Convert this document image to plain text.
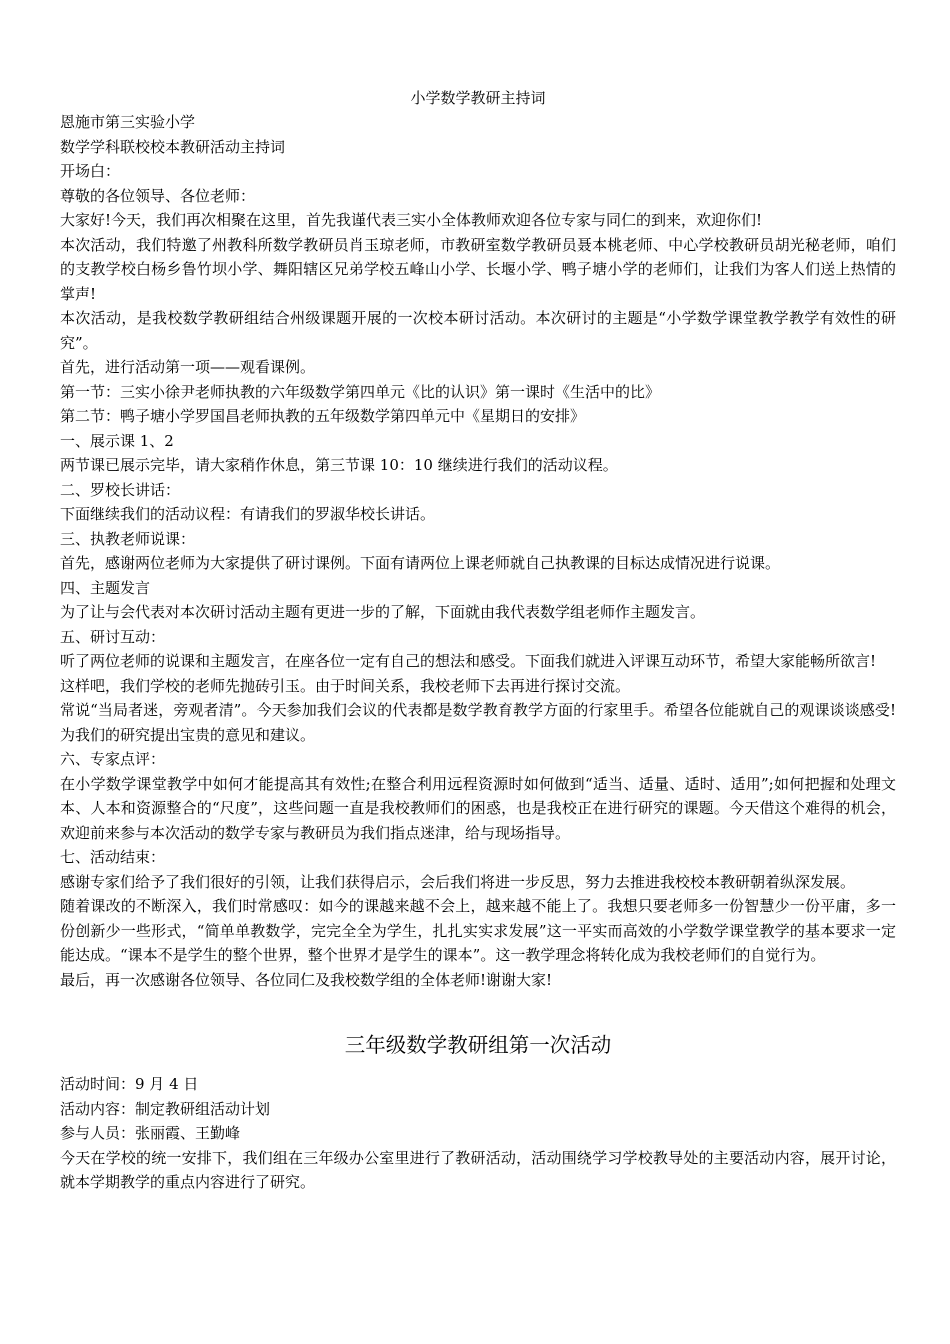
小学数学教研主持词

恩施市第三实验小学

数学学科联校校本教研活动主持词

开场白：

尊敬的各位领导、各位老师：

大家好!今天，我们再次相聚在这里，首先我谨代表三实小全体教师欢迎各位专家与同仁的到来，欢迎你们!

本次活动，我们特邀了州教科所数学教研员肖玉琼老师，市教研室数学教研员聂本桃老师、中心学校教研员胡光秘老师，咱们的支教学校白杨乡鲁竹坝小学、舞阳辖区兄弟学校五峰山小学、长堰小学、鸭子塘小学的老师们，让我们为客人们送上热情的掌声!

本次活动，是我校数学教研组结合州级课题开展的一次校本研讨活动。本次研讨的主题是“小学数学课堂教学教学有效性的研究”。

首先，进行活动第一项——观看课例。

第一节：三实小徐尹老师执教的六年级数学第四单元《比的认识》第一课时《生活中的比》

第二节：鸭子塘小学罗国昌老师执教的五年级数学第四单元中《星期日的安排》

一、展示课 1、2

两节课已展示完毕，请大家稍作休息，第三节课 10：10 继续进行我们的活动议程。

二、罗校长讲话：

下面继续我们的活动议程：有请我们的罗淑华校长讲话。

三、执教老师说课：

首先，感谢两位老师为大家提供了研讨课例。下面有请两位上课老师就自己执教课的目标达成情况进行说课。

四、主题发言

为了让与会代表对本次研讨活动主题有更进一步的了解，下面就由我代表数学组老师作主题发言。

五、研讨互动：

听了两位老师的说课和主题发言，在座各位一定有自己的想法和感受。下面我们就进入评课互动环节，希望大家能畅所欲言!

这样吧，我们学校的老师先抛砖引玉。由于时间关系，我校老师下去再进行探讨交流。

常说“当局者迷，旁观者清”。今天参加我们会议的代表都是数学教育教学方面的行家里手。希望各位能就自己的观课谈谈感受!为我们的研究提出宝贵的意见和建议。

六、专家点评：

在小学数学课堂教学中如何才能提高其有效性;在整合利用远程资源时如何做到“适当、适量、适时、适用”;如何把握和处理文本、人本和资源整合的“尺度”，这些问题一直是我校教师们的困惑，也是我校正在进行研究的课题。今天借这个难得的机会，欢迎前来参与本次活动的数学专家与教研员为我们指点迷津，给与现场指导。

七、活动结束：

感谢专家们给予了我们很好的引领，让我们获得启示，会后我们将进一步反思，努力去推进我校校本教研朝着纵深发展。

随着课改的不断深入，我们时常感叹：如今的课越来越不会上，越来越不能上了。我想只要老师多一份智慧少一份平庸，多一份创新少一些形式，“简单单教数学，完完全全为学生，扎扎实实求发展”这一平实而高效的小学数学课堂教学的基本要求一定能达成。“课本不是学生的整个世界，整个世界才是学生的课本”。这一教学理念将转化成为我校老师们的自觉行为。

最后，再一次感谢各位领导、各位同仁及我校数学组的全体老师!谢谢大家!

三年级数学教研组第一次活动

活动时间：9 月 4 日

活动内容：制定教研组活动计划

参与人员：张丽霞、王勤峰

今天在学校的统一安排下，我们组在三年级办公室里进行了教研活动，活动围绕学习学校教导处的主要活动内容，展开讨论，就本学期教学的重点内容进行了研究。
